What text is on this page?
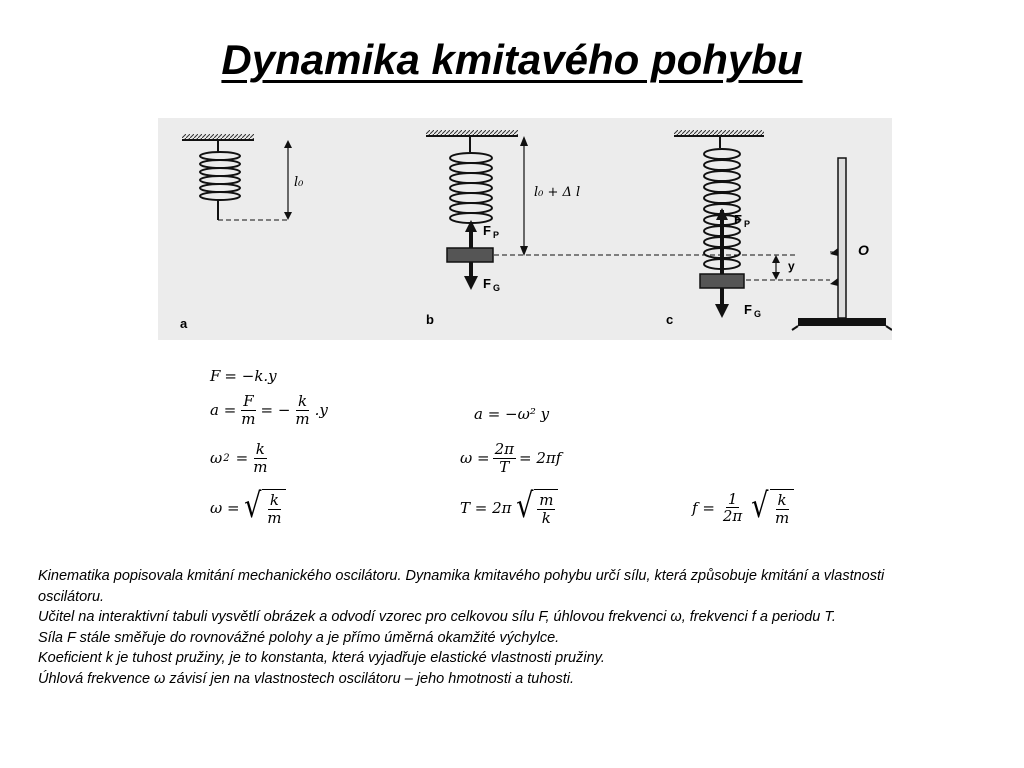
Dynamika kmitavého pohybu
l₀
a
l₀ + Δ l
F P
F G
b
y
F P
F G
c
O
F = −k.y
$a = \frac{F}{m}$ = − $\frac{k}{m} .y$	a = −ω² y
ω $2 = \frac{k}{m}$	$\omega = \frac{2\pi}{T} = 2\pi f$
ω = √ $\frac{k}{m}$	T = 2π √ $\frac{m}{k}$	$f = \frac{1}{2\pi}$ √ $\frac{k}{m}$

Kinematika popisovala kmitání mechanického oscilátoru. Dynamika kmitavého pohybu určí sílu, která způsobuje kmitání a vlastnosti oscilátoru.

Učitel na interaktivní tabuli vysvětlí obrázek a odvodí vzorec pro celkovou sílu F, úhlovou frekvenci ω, frekvenci f a periodu T.

Síla F stále směřuje do rovnovážné polohy a je přímo úměrná okamžité výchylce.

Koeficient k je tuhost pružiny, je to konstanta, která vyjadřuje elastické vlastnosti pružiny.

Úhlová frekvence ω závisí jen na vlastnostech oscilátoru – jeho hmotnosti a tuhosti.
